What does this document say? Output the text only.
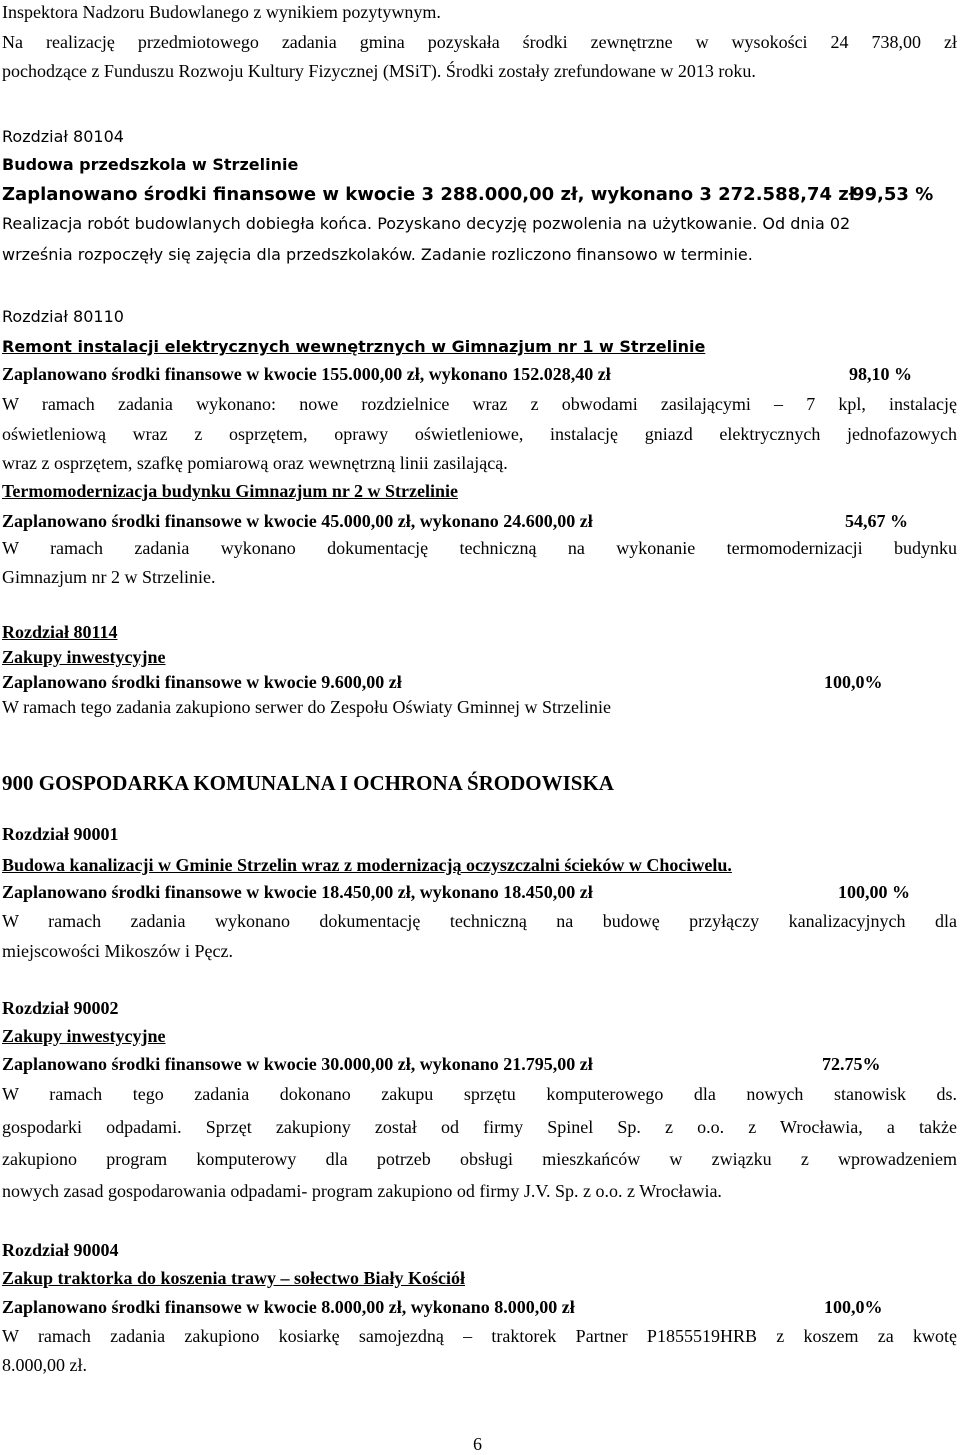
Inspektora Nadzoru Budowlanego z wynikiem pozytywnym.

Na realizację przedmiotowego zadania gmina pozyskała środki zewnętrzne w wysokości 24 738,00 zł

pochodzące z Funduszu Rozwoju Kultury Fizycznej (MSiT). Środki zostały zrefundowane w 2013 roku.

Rozdział 80104

Budowa przedszkola w Strzelinie

Zaplanowano środki finansowe w kwocie 3 288.000,00 zł, wykonano 3 272.588,74 zł
99,53 %

Realizacja robót budowlanych dobiegła końca. Pozyskano decyzję pozwolenia na użytkowanie. Od dnia 02

września rozpoczęły się zajęcia dla przedszkolaków. Zadanie rozliczono finansowo w terminie.

Rozdział 80110

Remont instalacji elektrycznych wewnętrznych w Gimnazjum nr 1 w Strzelinie

Zaplanowano środki finansowe w kwocie 155.000,00 zł, wykonano 152.028,40 zł	98,10 %

W ramach zadania wykonano: nowe rozdzielnice wraz z obwodami zasilającymi – 7 kpl, instalację

oświetleniową wraz z osprzętem, oprawy oświetleniowe, instalację gniazd elektrycznych jednofazowych

wraz z osprzętem, szafkę pomiarową oraz wewnętrzną linii zasilającą.

Termomodernizacja budynku Gimnazjum nr 2 w Strzelinie

Zaplanowano środki finansowe w kwocie 45.000,00 zł, wykonano 24.600,00 zł	54,67 %

W ramach zadania wykonano dokumentację techniczną na wykonanie termomodernizacji budynku

Gimnazjum nr 2 w Strzelinie.

Rozdział 80114

Zakupy inwestycyjne

Zaplanowano środki finansowe w kwocie 9.600,00 zł	100,0%

W ramach tego zadania zakupiono serwer do Zespołu Oświaty Gminnej w Strzelinie

900 GOSPODARKA KOMUNALNA I OCHRONA ŚRODOWISKA

Rozdział 90001

Budowa kanalizacji w Gminie Strzelin wraz z modernizacją oczyszczalni ścieków w Chociwelu.

Zaplanowano środki finansowe w kwocie 18.450,00 zł, wykonano 18.450,00 zł	100,00 %

W ramach zadania wykonano dokumentację techniczną na budowę przyłączy kanalizacyjnych dla

miejscowości Mikoszów i Pęcz.

Rozdział 90002

Zakupy inwestycyjne

Zaplanowano środki finansowe w kwocie 30.000,00 zł, wykonano 21.795,00 zł	72.75%

W ramach tego zadania dokonano zakupu sprzętu komputerowego dla nowych stanowisk ds.

gospodarki odpadami. Sprzęt zakupiony został od firmy Spinel Sp. z o.o. z Wrocławia, a także

zakupiono program komputerowy dla potrzeb obsługi mieszkańców w związku z wprowadzeniem

nowych zasad gospodarowania odpadami- program zakupiono od firmy J.V. Sp. z o.o. z Wrocławia.

Rozdział 90004

Zakup traktorka do koszenia trawy – sołectwo Biały Kościół

Zaplanowano środki finansowe w kwocie 8.000,00 zł, wykonano 8.000,00 zł	100,0%

W ramach zadania zakupiono kosiarkę samojezdną – traktorek Partner P1855519HRB z koszem za kwotę

8.000,00 zł.

6
